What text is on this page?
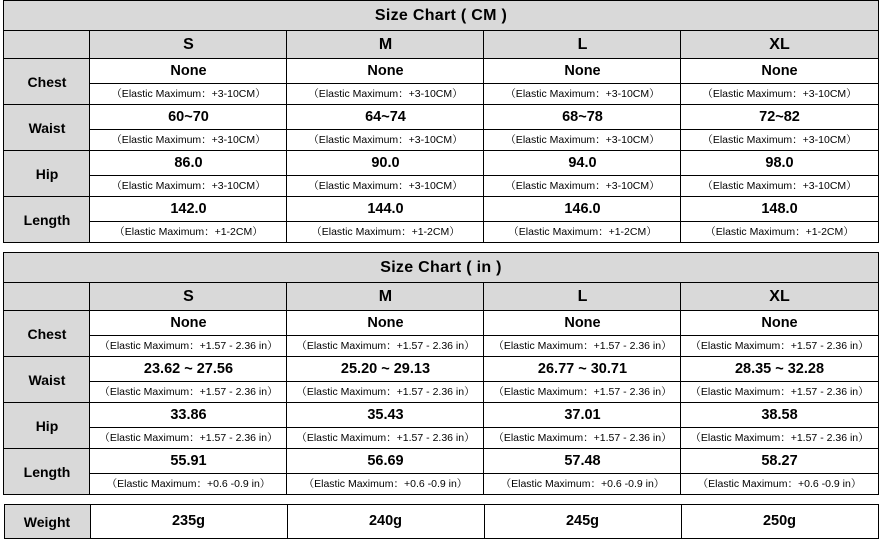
Size Chart ( CM )				
	S	M	L	XL
Chest	None	None	None	None
	（Elastic Maximum：+3-10CM）	（Elastic Maximum：+3-10CM）	（Elastic Maximum：+3-10CM）	（Elastic Maximum：+3-10CM）
Waist	60~70	64~74	68~78	72~82
	（Elastic Maximum：+3-10CM）	（Elastic Maximum：+3-10CM）	（Elastic Maximum：+3-10CM）	（Elastic Maximum：+3-10CM）
Hip	86.0	90.0	94.0	98.0
	（Elastic Maximum：+3-10CM）	（Elastic Maximum：+3-10CM）	（Elastic Maximum：+3-10CM）	（Elastic Maximum：+3-10CM）
Length	142.0	144.0	146.0	148.0
	（Elastic Maximum：+1-2CM）	（Elastic Maximum：+1-2CM）	（Elastic Maximum：+1-2CM）	（Elastic Maximum：+1-2CM）
Size Chart ( in )				
	S	M	L	XL
Chest	None	None	None	None
	（Elastic Maximum：+1.57 - 2.36 in）	（Elastic Maximum：+1.57 - 2.36 in）	（Elastic Maximum：+1.57 - 2.36 in）	（Elastic Maximum：+1.57 - 2.36 in）
Waist	23.62 ~ 27.56	25.20 ~ 29.13	26.77 ~ 30.71	28.35 ~ 32.28
	（Elastic Maximum：+1.57 - 2.36 in）	（Elastic Maximum：+1.57 - 2.36 in）	（Elastic Maximum：+1.57 - 2.36 in）	（Elastic Maximum：+1.57 - 2.36 in）
Hip	33.86	35.43	37.01	38.58
	（Elastic Maximum：+1.57 - 2.36 in）	（Elastic Maximum：+1.57 - 2.36 in）	（Elastic Maximum：+1.57 - 2.36 in）	（Elastic Maximum：+1.57 - 2.36 in）
Length	55.91	56.69	57.48	58.27
	（Elastic Maximum：+0.6 -0.9 in）	（Elastic Maximum：+0.6 -0.9 in）	（Elastic Maximum：+0.6 -0.9 in）	（Elastic Maximum：+0.6 -0.9 in）
Weight	235g	240g	245g	250g
